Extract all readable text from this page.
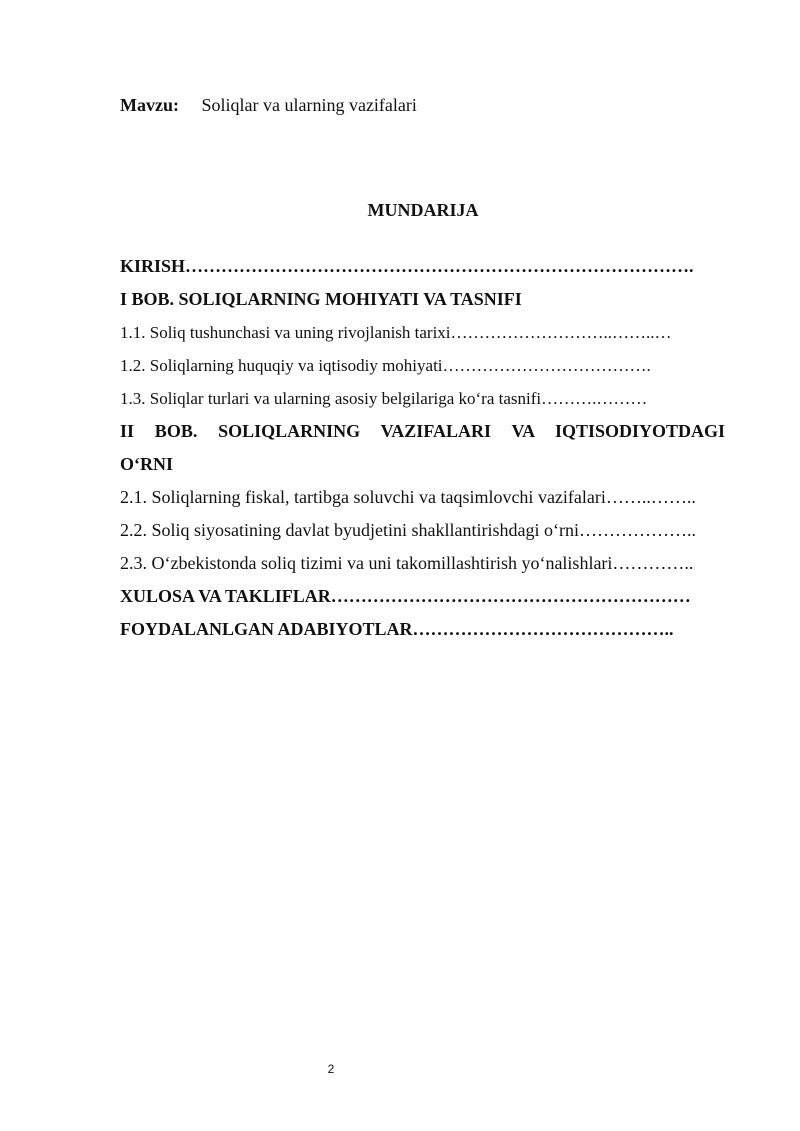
Mavzu: Soliqlar va ularning vazifalari
MUNDARIJA
KIRISH………………………………………………………………………….
I BOB. SOLIQLARNING MOHIYATI VA TASNIFI
1.1. Soliq tushunchasi va uning rivojlanish tarixi………………………..……..…
1.2. Soliqlarning huquqiy va iqtisodiy mohiyati……………………………….
1.3. Soliqlar turlari va ularning asosiy belgilariga ko‘ra tasnifi……….………
II BOB. SOLIQLARNING VAZIFALARI VA IQTISODIYOTDAGI
O‘RNI
2.1. Soliqlarning fiskal, tartibga soluvchi va taqsimlovchi vazifalari……..……..
2.2. Soliq siyosatining davlat byudjetini shakllantirishdagi o‘rni………………..
2.3. O‘zbekistonda soliq tizimi va uni takomillashtirish yo‘nalishlari…………..
XULOSA VA TAKLIFLAR……………………………………………………
FOYDALANLGAN ADABIYOTLAR……………………………………..
2
